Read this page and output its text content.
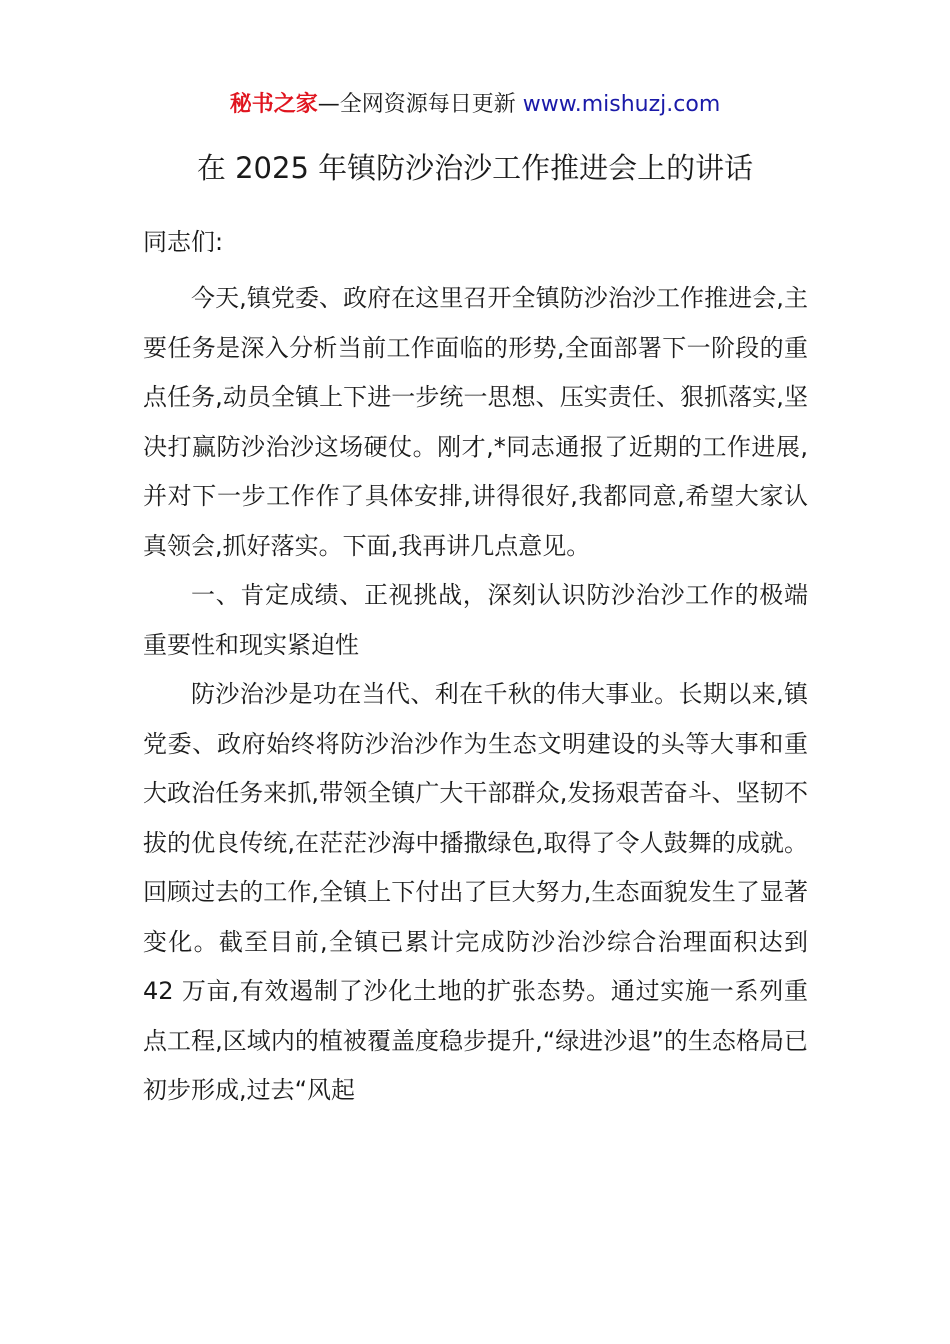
秘书之家—全网资源每日更新 www.mishuzj.com
在 2025 年镇防沙治沙工作推进会上的讲话

同志们:

今天,镇党委、政府在这里召开全镇防沙治沙工作推进会,主要任务是深入分析当前工作面临的形势,全面部署下一阶段的重点任务,动员全镇上下进一步统一思想、压实责任、狠抓落实,坚决打赢防沙治沙这场硬仗。刚才,*同志通报了近期的工作进展,并对下一步工作作了具体安排,讲得很好,我都同意,希望大家认真领会,抓好落实。下面,我再讲几点意见。

一、肯定成绩、正视挑战，深刻认识防沙治沙工作的极端重要性和现实紧迫性

防沙治沙是功在当代、利在千秋的伟大事业。长期以来,镇党委、政府始终将防沙治沙作为生态文明建设的头等大事和重大政治任务来抓,带领全镇广大干部群众,发扬艰苦奋斗、坚韧不拔的优良传统,在茫茫沙海中播撒绿色,取得了令人鼓舞的成就。回顾过去的工作,全镇上下付出了巨大努力,生态面貌发生了显著变化。截至目前,全镇已累计完成防沙治沙综合治理面积达到 42 万亩,有效遏制了沙化土地的扩张态势。通过实施一系列重点工程,区域内的植被覆盖度稳步提升,“绿进沙退”的生态格局已初步形成,过去“风起
